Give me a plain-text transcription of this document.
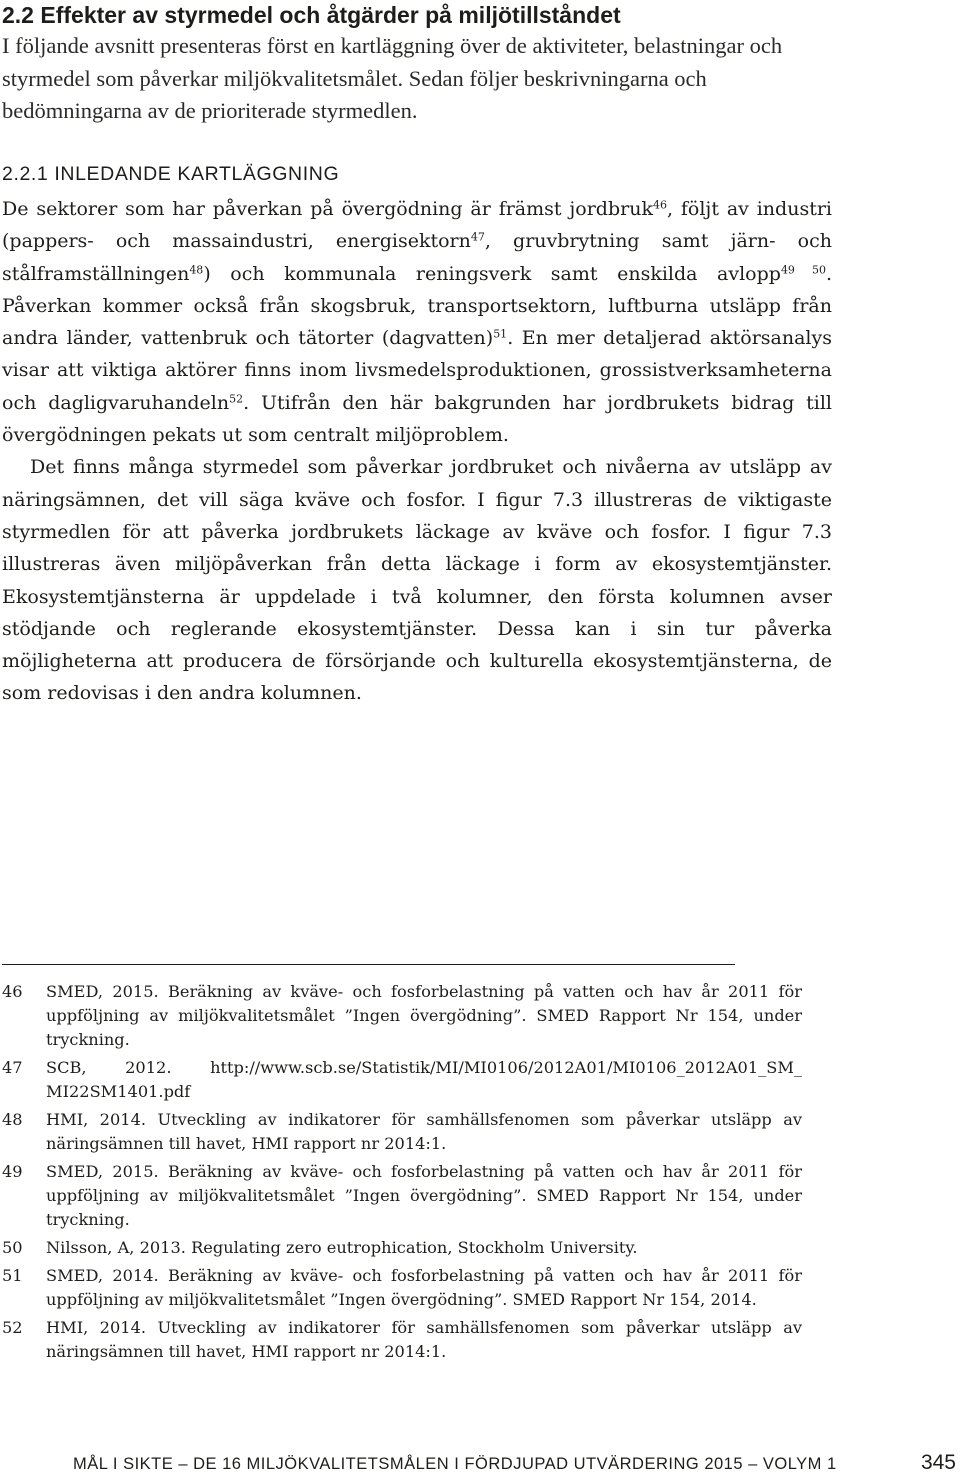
2.2 Effekter av styrmedel och åtgärder på miljötillståndet

I följande avsnitt presenteras först en kartläggning över de aktiviteter, belastningar och styrmedel som påverkar miljökvalitetsmålet. Sedan följer beskrivningarna och bedömningarna av de prioriterade styrmedlen.

2.2.1 INLEDANDE KARTLÄGGNING

De sektorer som har påverkan på övergödning är främst jordbruk$^{46}$, följt av industri (pappers- och massaindustri, energisektorn$^{47}$, gruvbrytning samt järn- och stålframställningen$^{48}$) och kommunala reningsverk samt enskilda avlopp$^{49 50}$. Påverkan kommer också från skogsbruk, transportsektorn, luftburna utsläpp från andra länder, vattenbruk och tätorter (dagvatten)$^{51}$. En mer detaljerad aktörsanalys visar att viktiga aktörer finns inom livsmedelsproduktionen, grossistverksamheterna och dagligvaruhandeln$^{52}$. Utifrån den här bakgrunden har jordbrukets bidrag till övergödningen pekats ut som centralt miljöproblem.

Det finns många styrmedel som påverkar jordbruket och nivåerna av utsläpp av näringsämnen, det vill säga kväve och fosfor. I figur 7.3 illustreras de viktigaste styrmedlen för att påverka jordbrukets läckage av kväve och fosfor. I figur 7.3 illustreras även miljöpåverkan från detta läckage i form av ekosystemtjänster. Ekosystemtjänsterna är uppdelade i två kolumner, den första kolumnen avser stödjande och reglerande ekosystemtjänster. Dessa kan i sin tur påverka möjligheterna att producera de försörjande och kulturella ekosystemtjänsterna, de som redovisas i den andra kolumnen.

46	SMED, 2015. Beräkning av kväve- och fosforbelastning på vatten och hav år 2011 för uppföljning av miljökvalitetsmålet ”Ingen övergödning”. SMED Rapport Nr 154, under tryckning.
47	SCB, 2012. http://www.scb.se/Statistik/MI/MI0106/2012A01/MI0106_2012A01_SM_ MI22SM1401.pdf
48	HMI, 2014. Utveckling av indikatorer för samhällsfenomen som påverkar utsläpp av näringsämnen till havet, HMI rapport nr 2014:1.
49	SMED, 2015. Beräkning av kväve- och fosforbelastning på vatten och hav år 2011 för uppföljning av miljökvalitetsmålet ”Ingen övergödning”. SMED Rapport Nr 154, under tryckning.
50	Nilsson, A, 2013. Regulating zero eutrophication, Stockholm University.
51	SMED, 2014. Beräkning av kväve- och fosforbelastning på vatten och hav år 2011 för uppföljning av miljökvalitetsmålet ”Ingen övergödning”. SMED Rapport Nr 154, 2014.
52	HMI, 2014. Utveckling av indikatorer för samhällsfenomen som påverkar utsläpp av näringsämnen till havet, HMI rapport nr 2014:1.
MÅL I SIKTE – DE 16 MILJÖKVALITETSMÅLEN I FÖRDJUPAD UTVÄRDERING 2015 – VOLYM 1	345
